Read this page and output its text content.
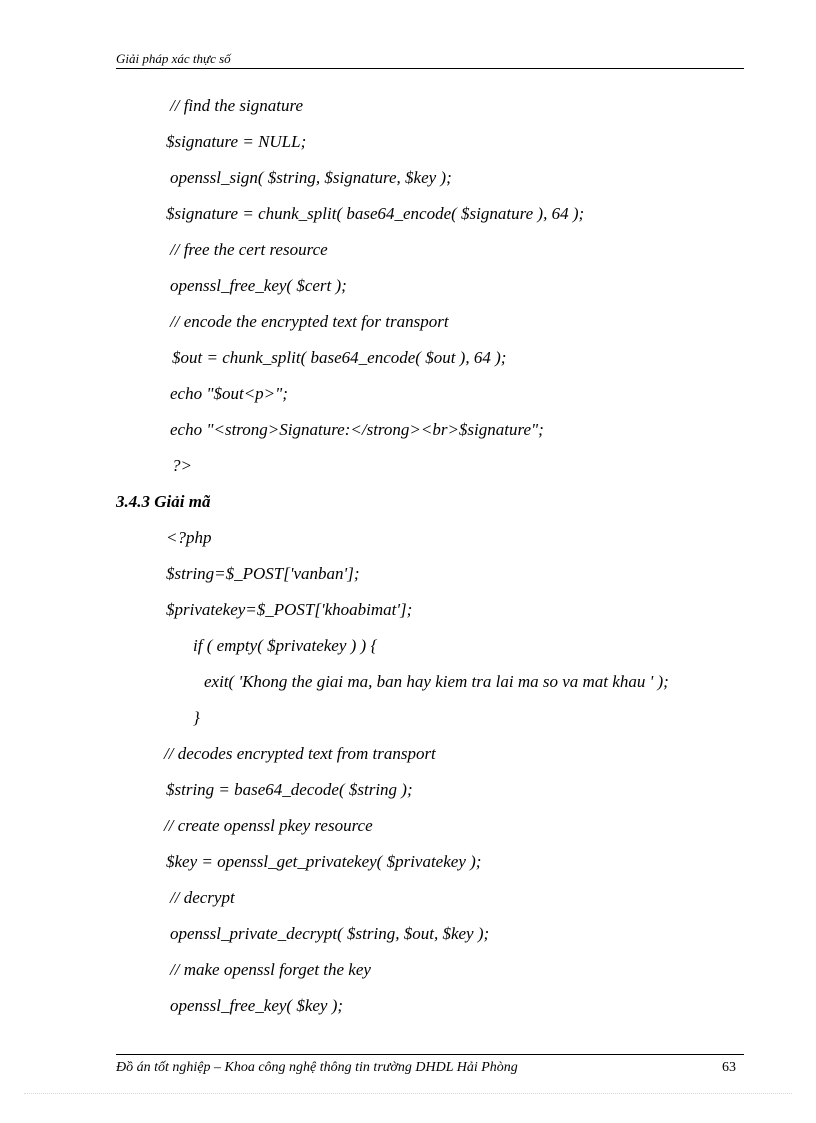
Giải pháp xác thực số
// find the signature
$signature = NULL;
openssl_sign( $string, $signature, $key );
$signature = chunk_split( base64_encode( $signature ), 64 );
// free the cert resource
openssl_free_key( $cert );
// encode the encrypted text for transport
$out = chunk_split( base64_encode( $out ), 64 );
echo "$out<p>";
echo "<strong>Signature:</strong><br>$signature";
?>
3.4.3 Giải mã
<?php
$string=$_POST['vanban'];
$privatekey=$_POST['khoabimat'];
if ( empty( $privatekey ) ) {
exit( 'Khong the giai ma, ban hay kiem tra lai ma so va mat khau ' );
}
// decodes encrypted text from transport
$string = base64_decode( $string );
// create openssl pkey resource
$key = openssl_get_privatekey( $privatekey );
// decrypt
openssl_private_decrypt( $string, $out, $key );
// make openssl forget the key
openssl_free_key( $key );
Đồ án tốt nghiệp – Khoa công nghệ thông tin trường DHDL Hải Phòng	63
